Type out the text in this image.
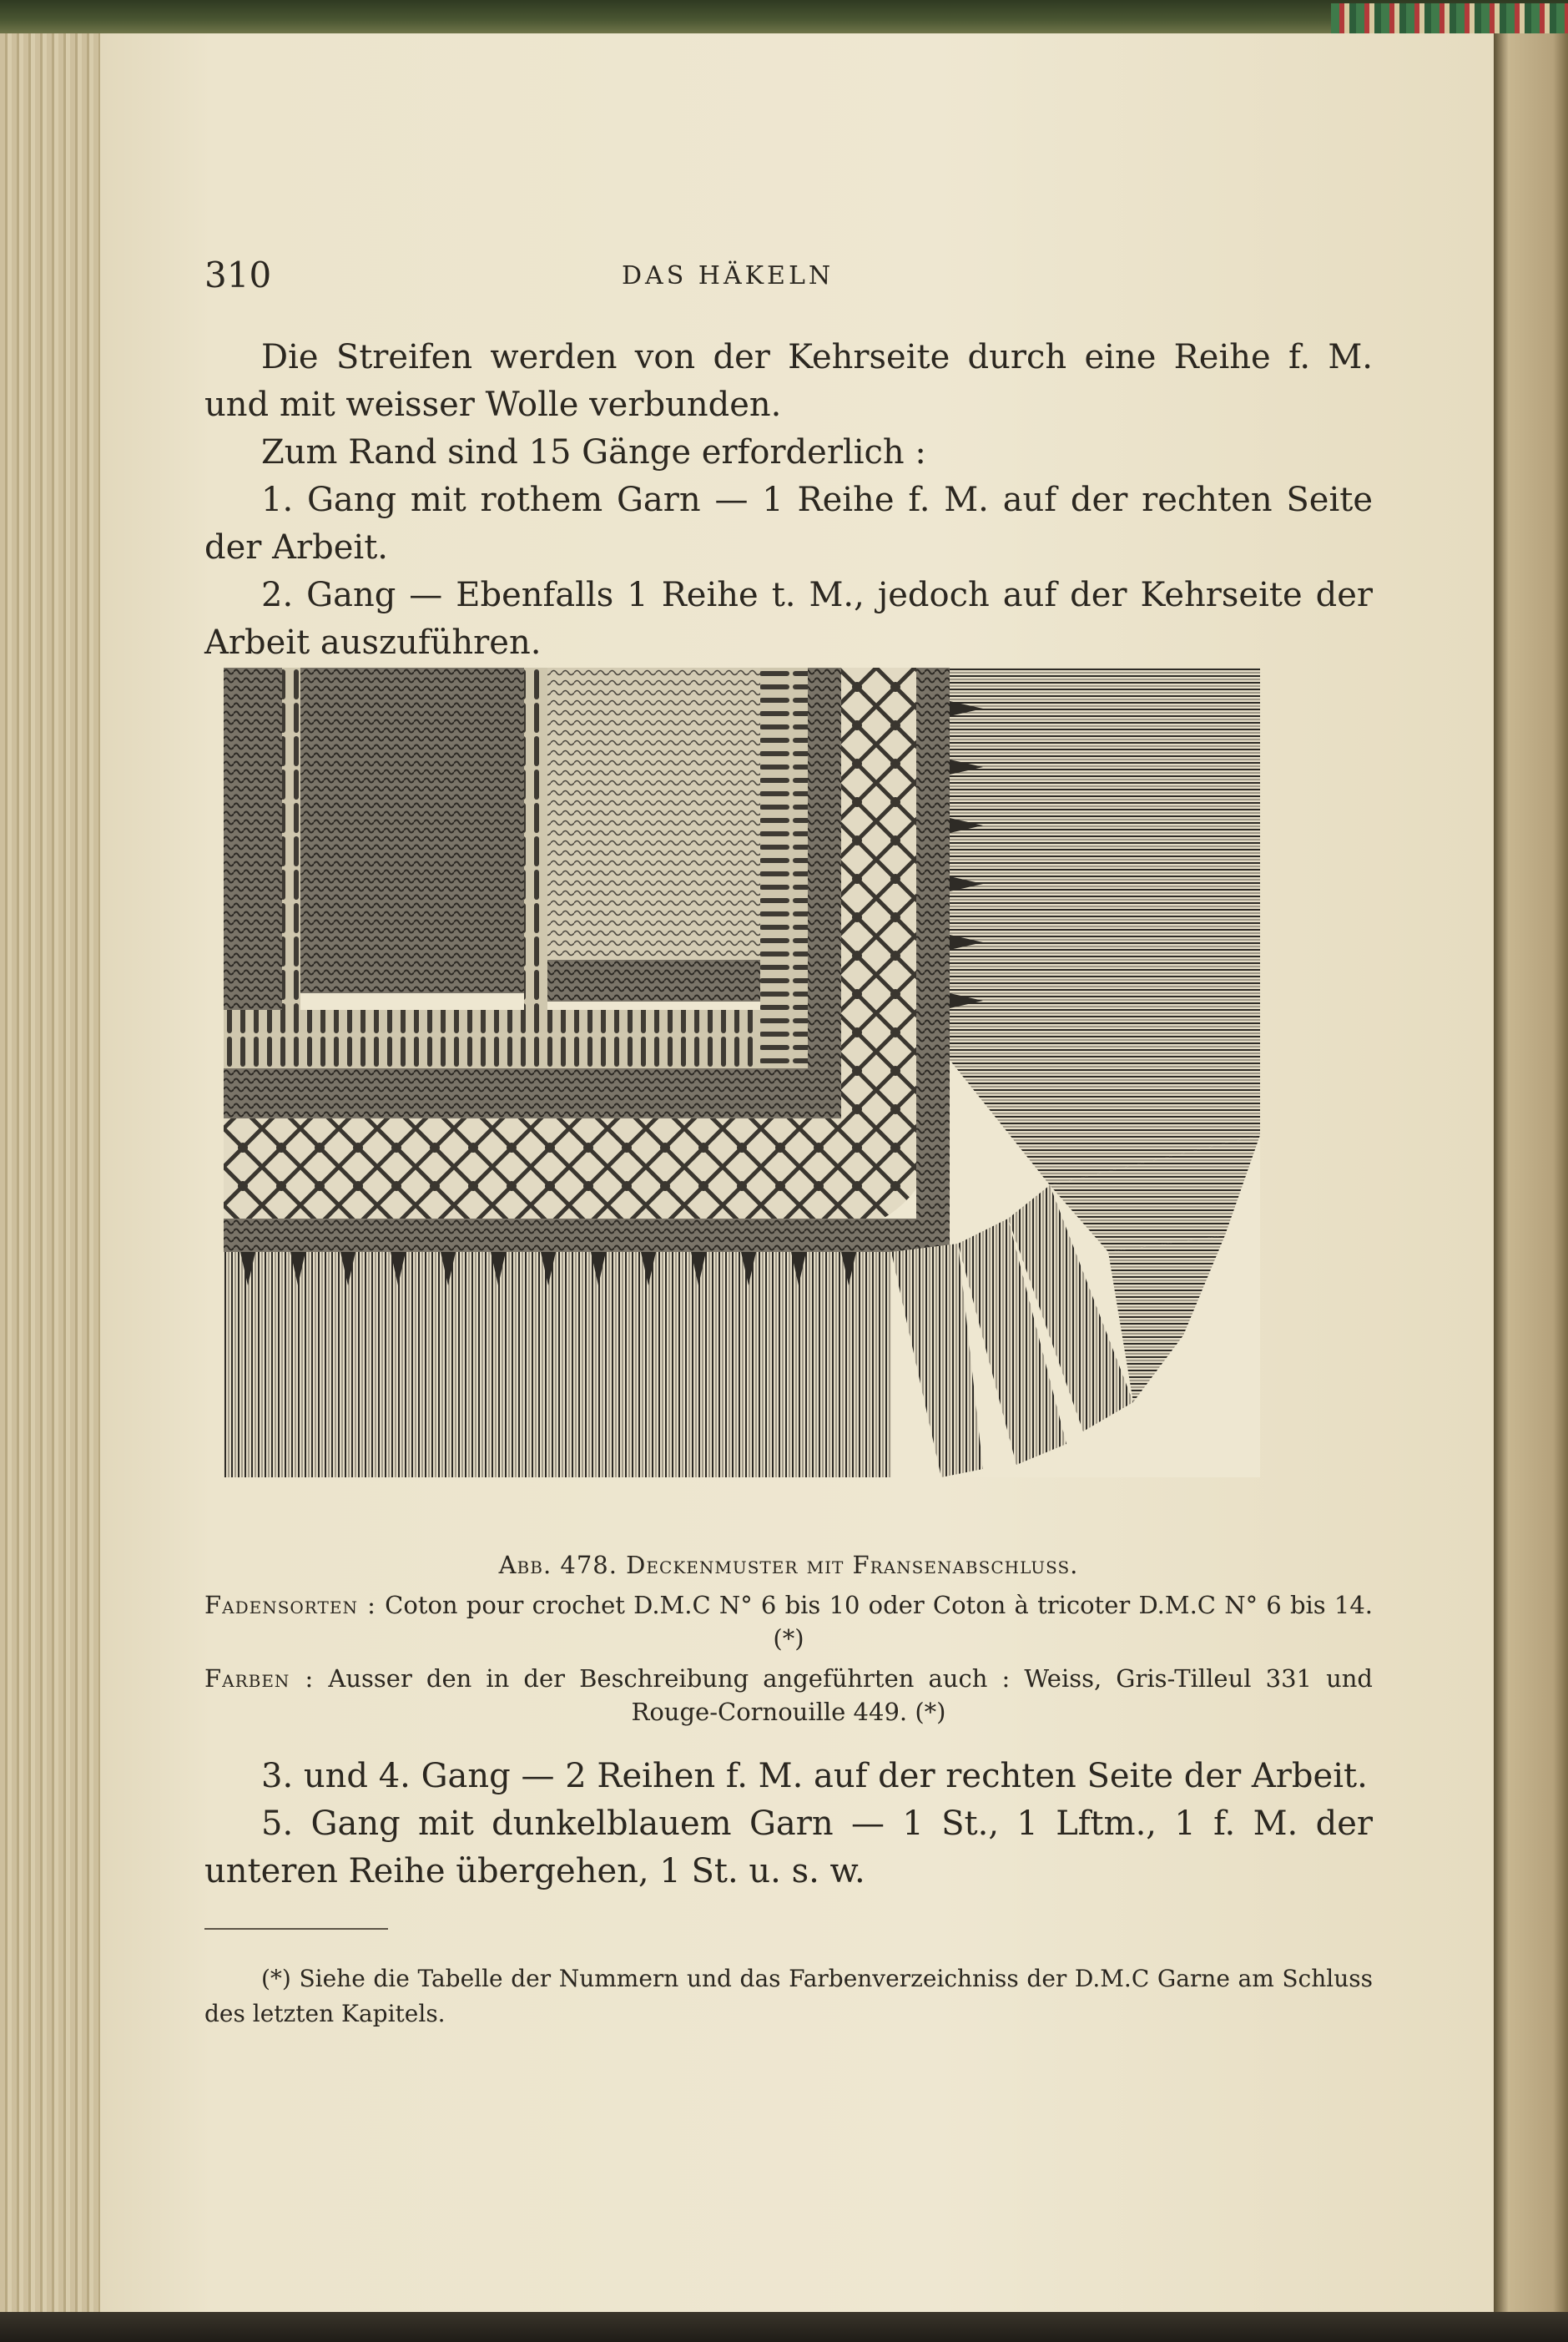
310	DAS HÄKELN

Die Streifen werden von der Kehrseite durch eine Reihe f. M. und mit weisser Wolle verbunden.

Zum Rand sind 15 Gänge erforderlich :

1. Gang mit rothem Garn — 1 Reihe f. M. auf der rechten Seite der Arbeit.

2. Gang — Ebenfalls 1 Reihe t. M., jedoch auf der Kehrseite der Arbeit auszuführen.

Abb. 478. Deckenmuster mit Fransenabschluss.

Fadensorten : Coton pour crochet D.M.C N° 6 bis 10 oder Coton à tricoter D.M.C N° 6 bis 14. (*)

Farben : Ausser den in der Beschreibung angeführten auch : Weiss, Gris-Tilleul 331 und Rouge-Cornouille 449. (*)

3. und 4. Gang — 2 Reihen f. M. auf der rechten Seite der Arbeit.

5. Gang mit dunkelblauem Garn — 1 St., 1 Lftm., 1 f. M. der unteren Reihe übergehen, 1 St. u. s. w.

(*) Siehe die Tabelle der Nummern und das Farbenverzeichniss der D.M.C Garne am Schluss des letzten Kapitels.
